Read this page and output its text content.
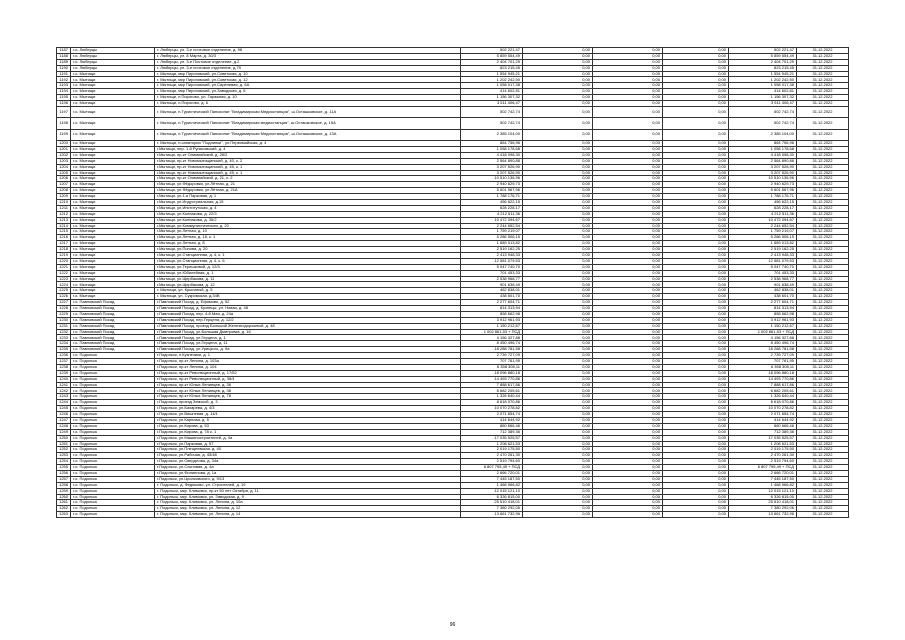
1187	г.о. Люберцы	г. Люберцы, ул. 3-е почтовое отделение, д. 98	502 221,47	0,00	0,00	0,00	502 221,47	31.12.2022
1188	г.о. Люберцы	г. Люберцы, ул. 8 Марта, д. 30/3	5 859 554,49	0,00	0,00	0,00	5 859 554,49	31.12.2022
1189	г.о. Люберцы	г. Люберцы, ул. 3-е Почтовое отделение, д.2	2 404 701,29	0,00	0,00	0,00	2 404 701,29	31.12.2022
1190	г.о. Люберцы	г. Люберцы, ул. 3-е почтовое отделение, д.79	823 215,45	0,00	0,00	0,00	823 215,45	31.12.2022
1191	г.о. Мытищи	г. Мытищи, мкр Пироговский, ул.Советская, д. 10	1 554 945,21	0,00	0,00	0,00	1 554 945,21	31.12.2022
1192	г.о. Мытищи	г. Мытищи, мкр Пироговский, ул.Советская, д. 12	1 202 242,50	0,00	0,00	0,00	1 202 242,50	31.12.2022
1193	г.о. Мытищи	г. Мытищи, мкр Пироговский, ул.Сиреневая, д. 6А	1 058 017,38	0,00	0,00	0,00	1 058 017,38	31.12.2022
1194	г.о. Мытищи	г. Мытищи, мкр Пироговский, ул.Заводская, д. 6	414 602,81	0,00	0,00	0,00	414 602,81	31.12.2022
1195	г.о. Мытищи	г. Мытищи, п.Пирогово, ул. Гаражная, д. 10	1 156 307,32	0,00	0,00	0,00	1 156 307,32	31.12.2022
1196	г.о. Мытищи	г. Мытищи, п.Пирогово, д. 6	3 511 406,47	0,00	0,00	0,00	3 511 406,47	31.12.2022
1197	г.о. Мытищи	г. Мытищи, п.Туристический Пансионат "Владимирская Медиостанция", ш.Осташковское, д. 11А	502 742,74	0,00	0,00	0,00	502 742,74	31.12.2022
1198	г.о. Мытищи	г. Мытищи, п.Туристический Пансионат "Владимирская медиостанция", ш.Осташковское, д. 15А	502 742,74	0,00	0,00	0,00	502 742,74	31.12.2022
1199	г.о. Мытищи	г. Мытищи, п.Туристический Пансионат "Владимирская Медиостанция", ш.Осташковское, д. 13А	2 385 104,00	0,00	0,00	0,00	2 385 104,00	31.12.2022
1200	г.о. Мытищи	г. Мытищи, п.санатория "Подлипки", ул.Первомайская, д. 4	864 756,96	0,00	0,00	0,00	864 756,96	31.12.2022
1201	г.о. Мытищи	г.Мытищи, пер. 1-й Рупасовский, д. 4	1 058 178,68	0,00	0,00	0,00	1 058 178,68	31.12.2022
1202	г.о. Мытищи	г.Мытищи, пр-кт Олимпийский, д. 28/2	4 418 098,30	0,00	0,00	0,00	4 418 098,30	31.12.2022
1203	г.о. Мытищи	г.Мытищи, пр-кт Новомытищинский, д. 40, к. 2	2 564 890,88	0,00	0,00	0,00	2 564 890,88	31.12.2022
1204	г.о. Мытищи	г.Мытищи, пр-кт Новомытищинский, д. 45, к. 1	3 207 526,90	0,00	0,00	0,00	3 207 526,90	31.12.2022
1205	г.о. Мытищи	г.Мытищи, пр-кт Новомытищинский, д. 45, к. 1	3 207 526,90	0,00	0,00	0,00	3 207 526,90	31.12.2022
1206	г.о. Мытищи	г.Мытищи, пр-кт Олимпийский, д. 21, к. 2	10 510 136,96	0,00	0,00	0,00	10 510 136,96	31.12.2022
1207	г.о. Мытищи	г.Мытищи, ул.Фёдоровки, ул.Лётная, д. 21	2 940 629,73	0,00	0,00	0,00	2 940 629,73	31.12.2022
1208	г.о. Мытищи	г.Мытищи, ул.Фёдоровки, ул.Лётная, д. 21А	5 601 567,96	0,00	0,00	0,00	5 601 567,96	31.12.2022
1209	г.о. Мытищи	г.Мытищи, ул.1-я Парковая, д. 1	1 788 176,71	0,00	0,00	0,00	1 788 176,71	31.12.2022
1210	г.о. Мытищи	г.Мытищи, ул.Индустриальная, д.15	456 622,15	0,00	0,00	0,00	456 622,15	31.12.2022
1211	г.о. Мытищи	г.Мытищи, ул.Институтская, д. 4	628 228,17	0,00	0,00	0,00	628 228,17	31.12.2022
1212	г.о. Мытищи	г.Мытищи, ул.Колпакова, д. 22/3	4 212 511,36	0,00	0,00	0,00	4 212 511,36	31.12.2022
1213	г.о. Мытищи	г.Мытищи, ул.Колпакова, д. 35/2	10 472 094,67	0,00	0,00	0,00	10 472 094,67	31.12.2022
1214	г.о. Мытищи	г.Мытищи, ул.Коммунистическая, д. 20	2 244 652,54	0,00	0,00	0,00	2 244 652,54	31.12.2022
1215	г.о. Мытищи	г.Мытищи, ул.Летная, д. 10	1 759 219,07	0,00	0,00	0,00	1 759 219,07	31.12.2022
1216	г.о. Мытищи	г.Мытищи, ул.Летная, д. 18, к. 1	5 286 506,15	0,00	0,00	0,00	5 286 506,15	31.12.2022
1217	г.о. Мытищи	г.Мытищи, ул.Летная, д. 8	1 689 013,82	0,00	0,00	0,00	1 689 013,82	31.12.2022
1218	г.о. Мытищи	г.Мытищи, ул.Попова, д. 20	2 519 162,25	0,00	0,00	0,00	2 519 162,25	31.12.2022
1219	г.о. Мытищи	г.Мытищи, ул.Станционная, д. 4, к. 1	2 413 948,33	0,00	0,00	0,00	2 413 948,33	31.12.2022
1220	г.о. Мытищи	г.Мытищи, ул.Станционная, д. 4, к. 6	12 581 079,53	0,00	0,00	0,00	12 581 079,53	31.12.2022
1221	г.о. Мытищи	г.Мытищи, ул.Терешковой, д. 12/3	5 047 740,70	0,00	0,00	0,00	5 047 740,70	31.12.2022
1222	г.о. Мытищи	г.Мытищи, ул.Юбилейная, д. 1	701 453,33	0,00	0,00	0,00	701 453,33	31.12.2022
1223	г.о. Мытищи	г.Мытищи, ул.Щербакова, д. 11	2 538 968,77	0,00	0,00	0,00	2 538 968,77	31.12.2022
1224	г.о. Мытищи	г.Мытищи, ул.Щербакова, д. 12	901 638,49	0,00	0,00	0,00	901 638,49	31.12.2022
1225	г.о. Мытищи	г. Мытищи, ул. Крылатый, д. 5	462 838,01	0,00	0,00	0,00	462 838,01	31.12.2022
1226	г.о. Мытищи	г. Мытищи, ул. Сукромская, д.34В	438 601,70	0,00	0,00	0,00	438 601,70	31.12.2022
1227	г.о. Павловский Посад	г.Павловский Посад, д. Ефимово, д. 52	2 277 604,71	0,00	0,00	0,00	2 277 604,71	31.12.2022
1228	г.о. Павловский Посад	г.Павловский Посад, д. Кузнецы, ул. Новая, д. 48	814 313,94	0,00	0,00	0,00	814 313,94	31.12.2022
1229	г.о. Павловский Посад	г.Павловский Посад, пер. 4-й Мая, д. 24а	858 662,98	0,00	0,00	0,00	858 662,98	31.12.2022
1230	г.о. Павловский Посад	г.Павловский Посад, пер.Герцена, д. 12/2	3 912 961,93	0,00	0,00	0,00	3 912 961,93	31.12.2022
1231	г.о. Павловский Посад	г.Павловский Посад, проезд Большой Железнодорожный, д. 48	1 150 212,67	0,00	0,00	0,00	1 150 212,67	31.12.2022
1232	г.о. Павловский Посад	г.Павловский Посад, ул.Большая Дмитровка, д. 16	1 002 861,53 + ПСД	0,00	0,00	0,00	1 002 861,53 + ПСД	31.12.2022
1233	г.о. Павловский Посад	г.Павловский Посад, ул.Герцена, д. 1	4 156 327,88	0,00	0,00	0,00	4 156 327,88	31.12.2022
1234	г.о. Павловский Посад	г.Павловский Посад, ул.Герцена, д. 11	8 450 496,74	0,00	0,00	0,00	8 450 496,74	31.12.2022
1235	г.о. Павловский Посад	г.Павловский Посад, ул.Урицкого, д. 9а	18 288 781,58	0,00	0,00	0,00	18 288 781,58	31.12.2022
1236	г.о. Подольск	г.Подольск, п.Кузнечики, д. 1	2 739 727,09	0,00	0,00	0,00	2 739 727,09	31.12.2022
1237	г.о. Подольск	г.Подольск, пр-кт Ленина, д. 103а	707 761,95	0,00	0,00	0,00	707 761,95	31.12.2022
1238	г.о. Подольск	г.Подольск, пр-кт Ленина, д. 104	6 358 308,11	0,00	0,00	0,00	6 358 308,11	31.12.2022
1239	г.о. Подольск	г.Подольск, пр-кт Революционный, д. 17/52	18 096 880,18	0,00	0,00	0,00	18 096 880,18	31.12.2022
1240	г.о. Подольск	г.Подольск, пр-кт Революционный, д. 38/4	14 493 770,86	0,00	0,00	0,00	14 493 770,86	31.12.2022
1241	г.о. Подольск	г.Подольск, пр-кт Юных Ленинцев, д. 36	7 888 617,86	0,00	0,00	0,00	7 888 617,86	31.12.2022
1242	г.о. Подольск	г.Подольск, пр-кт Юных Ленинцев, д. 38	6 682 205,61	0,00	0,00	0,00	6 682 205,61	31.12.2022
1243	г.о. Подольск	г.Подольск, пр-кт Юных Ленинцев, д. 78	1 326 640,44	0,00	0,00	0,00	1 326 640,44	31.12.2022
1244	г.о. Подольск	г.Подольск, проезд Земской, д. 3	8 618 070,86	0,00	0,00	0,00	8 618 070,86	31.12.2022
1245	г.о. Подольск	г.Подольск, ул.Бахарева, д. 4/3	10 070 278,82	0,00	0,00	0,00	10 070 278,82	31.12.2022
1246	г.о. Подольск	г.Подольск, ул.Вишневая, д. 14/1	2 071 654,74	0,00	0,00	0,00	2 071 654,74	31.12.2022
1247	г.о. Подольск	г.Подольск, ул.Карпова, д. 5	414 644,92	0,00	0,00	0,00	414 644,92	31.12.2022
1248	г.о. Подольск	г.Подольск, ул.Кирова, д. 53	860 666,46	0,00	0,00	0,00	860 666,46	31.12.2022
1249	г.о. Подольск	г.Подольск, ул.Кирова, д. 78 к. 1	712 389,36	0,00	0,00	0,00	712 389,36	31.12.2022
1250	г.о. Подольск	г.Подольск, ул.Машиностроителей, д. 4а	17 035 525,57	0,00	0,00	0,00	17 035 525,57	31.12.2022
1251	г.о. Подольск	г.Подольск, ул.Парковая, д. 57	1 208 621,53	0,00	0,00	0,00	1 208 621,53	31.12.2022
1252	г.о. Подольск	г.Подольск, ул.Плещеевская, д. 40	2 019 175,50	0,00	0,00	0,00	2 019 175,50	31.12.2022
1253	г.о. Подольск	г.Подольск, ул.Рабочая, д. 45/48	2 470 261,30	0,00	0,00	0,00	2 470 261,30	31.12.2022
1254	г.о. Подольск	г.Подольск, ул.Свердлова, д. 34а	2 519 794,60	0,00	0,00	0,00	2 519 794,60	31.12.2022
1255	г.о. Подольск	г.Подольск, ул.Сосновая, д. 4а	6 807 795,49 + ПСД	0,00	0,00	0,00	6 807 795,49 + ПСД	31.12.2022
1256	г.о. Подольск	г.Подольск, ул.Филиппова, д. 1а	2 666 720,01	0,00	0,00	0,00	2 666 720,01	31.12.2022
1257	г.о. Подольск	г.Подольск, ул.Циолковского, д. 9/13	7 445 187,50	0,00	0,00	0,00	7 445 187,50	31.12.2022
1258	г.о. Подольск	г. Подольск, д. Федюково, ул. Строителей, д. 19	1 468 966,82	0,00	0,00	0,00	1 468 966,82	31.12.2022
1259	г.о. Подольск	г. Подольск, мкр. Климовск, пр-кт 50 лет Октября, д. 11	12 015 121,10	0,00	0,00	0,00	12 015 121,10	31.12.2022
1260	г.о. Подольск	г. Подольск, мкр. Климовск, ул. Заводская, д. 9	6 326 815,00	0,00	0,00	0,00	6 326 815,00	31.12.2022
1261	г.о. Подольск	г. Подольск, мкр. Климовск, ул. Ленина, д. 10а	25 510 418,01	0,00	0,00	0,00	25 510 418,01	31.12.2022
1262	г.о. Подольск	г. Подольск, мкр. Климовск, ул. Ленина, д. 12	7 380 292,06	0,00	0,00	0,00	7 380 292,06	31.12.2022
1263	г.о. Подольск	г. Подольск, мкр. Климовск, ул. Ленина, д. 14	13 661 732,96	0,00	0,00	0,00	13 661 732,96	31.12.2022
96
